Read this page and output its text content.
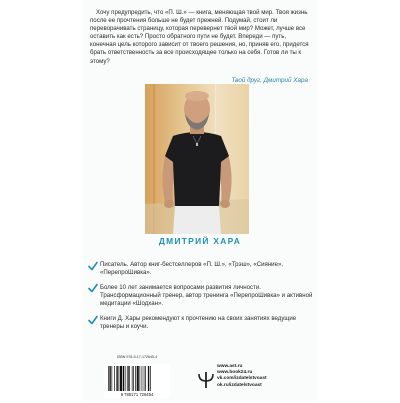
Хочу предупредить, что «П. Ш.» — книга, меняющая твой мир. Твоя жизнь после ее прочтения больше не будет прежней. Подумай, стоит ли переворачивать страницу, которая перевернет твой мир? Может, лучше все оставить как есть? Просто обратного пути не будет. Впереди — путь, конечная цель которого зависит от твоего решения, но, приняв его, придется брать ответственность за все происходящее только на себя. Готов ли ты к этому?

Твой друг, Дмитрий Хара

ДМИТРИЙ ХАРА

Писатель. Автор книг-бестселлеров «П. Ш.», «Трэш», «Сияние», «ПерепроШивка».
Более 10 лет занимается вопросами развития личности. Трансформационный тренер, автор тренинга «ПерепроШивка» и активной медитации «Шодхан».
Книги Д. Хары рекомендуют к прочтению на своих занятиях ведущие тренеры и коучи.

ISBN 978-5-17-172645-4

9 785171 726454
www.ast.ru
www.book24.ru
vk.com/izdatelstvoast
ok.ru/izdatelstvoast
